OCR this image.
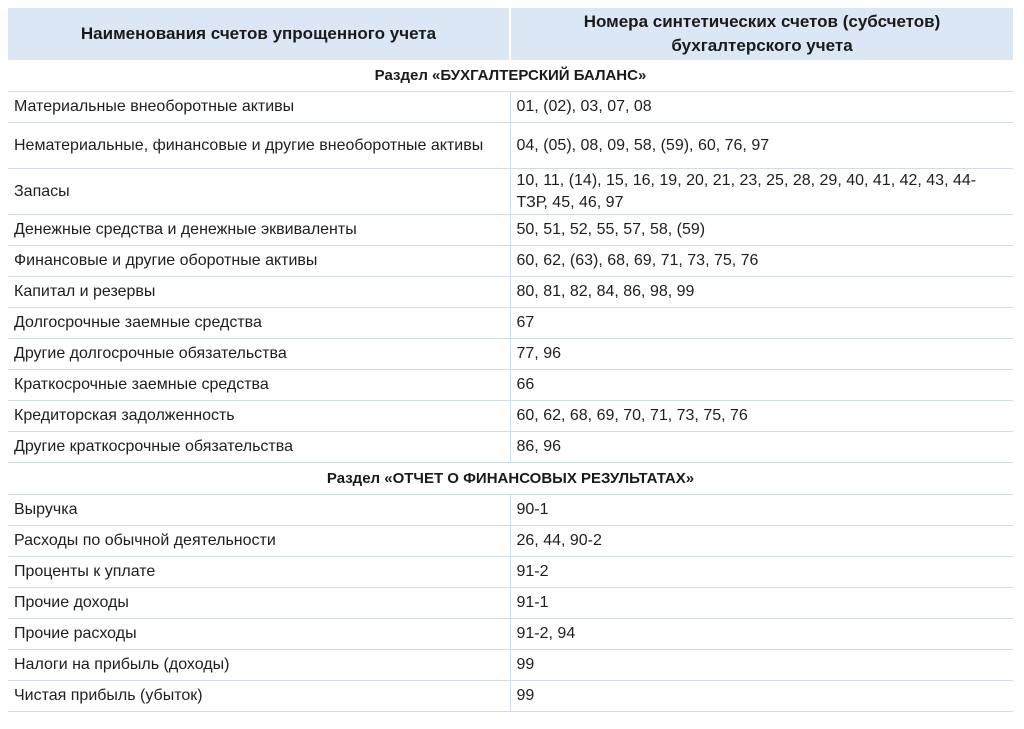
Наименования счетов упрощенного учета	Номера синтетических счетов (субсчетов) бухгалтерского учета
Раздел «БУХГАЛТЕРСКИЙ БАЛАНС»	
Материальные внеоборотные активы	01, (02), 03, 07, 08
Нематериальные, финансовые и другие внеоборотные активы	04, (05), 08, 09, 58, (59), 60, 76, 97
Запасы	10, 11, (14), 15, 16, 19, 20, 21, 23, 25, 28, 29, 40, 41, 42, 43, 44-ТЗР, 45, 46, 97
Денежные средства и денежные эквиваленты	50, 51, 52, 55, 57, 58, (59)
Финансовые и другие оборотные активы	60, 62, (63), 68, 69, 71, 73, 75, 76
Капитал и резервы	80, 81, 82, 84, 86, 98, 99
Долгосрочные заемные средства	67
Другие долгосрочные обязательства	77, 96
Краткосрочные заемные средства	66
Кредиторская задолженность	60, 62, 68, 69, 70, 71, 73, 75, 76
Другие краткосрочные обязательства	86, 96
Раздел «ОТЧЕТ О ФИНАНСОВЫХ РЕЗУЛЬТАТАХ»	
Выручка	90-1
Расходы по обычной деятельности	26, 44, 90-2
Проценты к уплате	91-2
Прочие доходы	91-1
Прочие расходы	91-2, 94
Налоги на прибыль (доходы)	99
Чистая прибыль (убыток)	99
